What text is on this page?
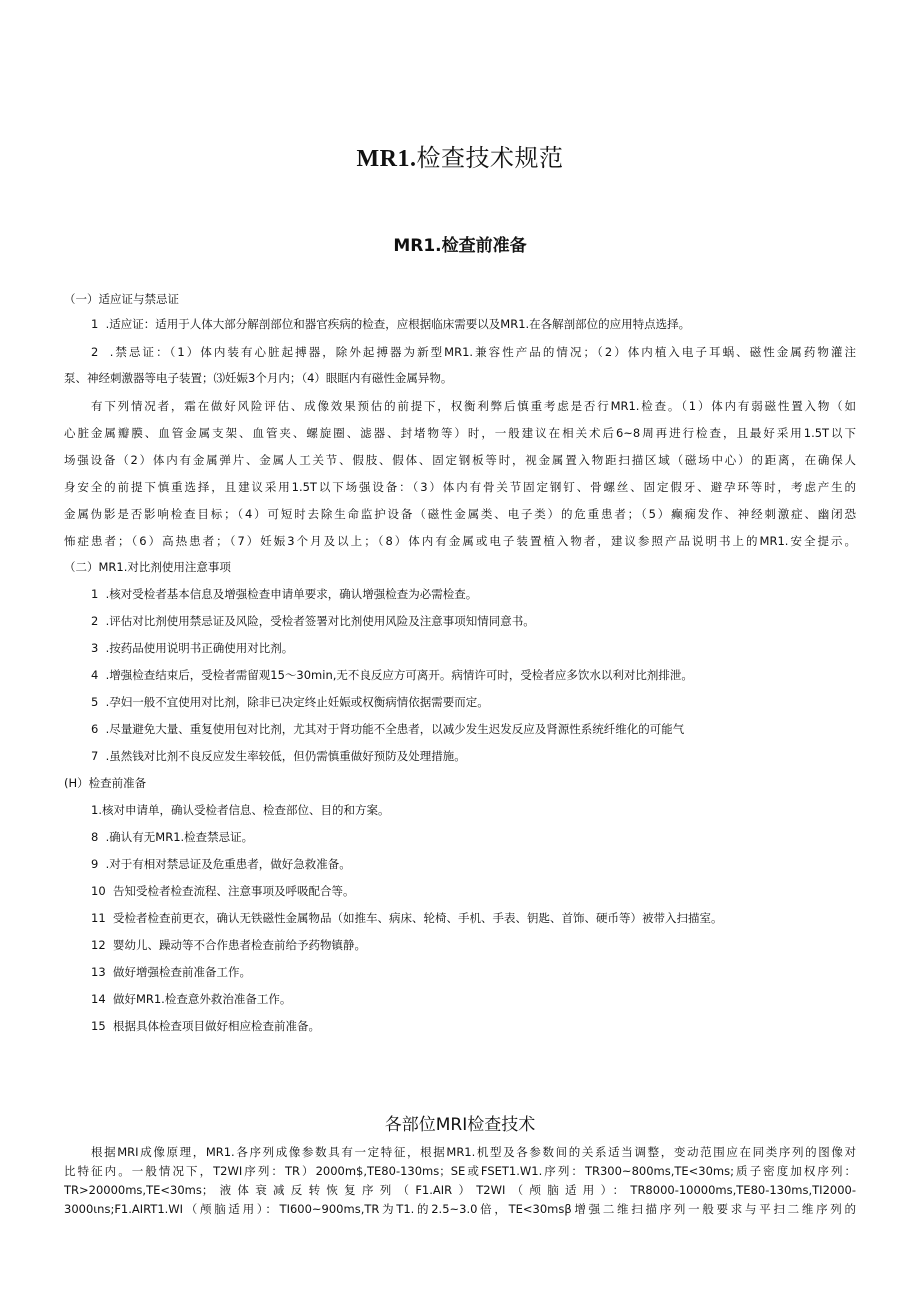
MR1.检查技术规范
MR1.检查前准备
（一）适应证与禁忌证
1  .适应证：适用于人体大部分解剖部位和器官疾病的检查，应根据临床需要以及MR1.在各解剖部位的应用特点选择。
2  .禁忌证：（1）体内装有心脏起搏器，除外起搏器为新型MR1.兼容性产品的情况；（2）体内植入电子耳蜗、磁性金属药物灌注
泵、神经刺激器等电子装置；⑶妊娠3个月内；（4）眼眶内有磁性金属异物。
有下列情况者，霜在做好风险评估、成像效果预估的前提下，权衡利弊后慎重考虑是否行MR1.检查。（1）体内有弱磁性置入物（如
心脏金属瓣膜、血管金属支架、血管夹、螺旋圈、滤器、封堵物等）时，一般建议在相关术后6~8周再进行检查，且最好采用1.5T以下
场强设备（2）体内有金属弹片、金属人工关节、假肢、假体、固定钢板等时，视金属置入物距扫描区域（磁场中心）的距离，在确保人
身安全的前提下慎重选择，且建议采用1.5T以下场强设备：（3）体内有骨关节固定钢钉、骨螺丝、固定假牙、避孕环等时，考虑产生的
金属伪影是否影响检查目标；（4）可短时去除生命监护设备（磁性金属类、电子类）的危重患者；（5）癫痫发作、神经刺激症、幽闭恐
怖症患者；（6）高热患者；（7）妊娠3个月及以上；（8）体内有金属或电子装置植入物者，建议参照产品说明书上的MR1.安全提示。
（二）MR1.对比剂使用注意事项
1  .核对受检者基本信息及增强检查申请单要求，确认增强检查为必需检查。
2  .评估对比剂使用禁忌证及风险，受检者签署对比剂使用风险及注意事项知情同意书。
3  .按药品使用说明书正确使用对比剂。
4  .增强检查结束后，受检者需留观15～30min,无不良反应方可离开。病情许可时，受检者应多饮水以利对比剂排泄。
5  .孕妇一般不宜使用对比剂，除非已决定终止妊娠或权衡病情依据需要而定。
6  .尽量避免大量、重复使用包对比剂，尤其对于肾功能不全患者，以减少发生迟发反应及肾源性系统纤维化的可能气
7  .虽然钱对比剂不良反应发生率较低，但仍需慎重做好预防及处理措施。
(H）检查前准备
1.核对申请单，确认受检者信息、检查部位、目的和方案。
8  .确认有无MR1.检查禁忌证。
9  .对于有相对禁忌证及危重患者，做好急救准备。
10  告知受检者检查流程、注意事项及呼吸配合等。
11  受检者检查前更衣，确认无铁磁性金属物品（如推车、病床、轮椅、手机、手表、钥匙、首饰、硬币等）被带入扫描室。
12  婴幼儿、躁动等不合作患者检查前给予药物镇静。
13  做好增强检查前准备工作。
14  做好MR1.检查意外救治准备工作。
15  根据具体检查项目做好相应检查前准备。
各部位MRI检查技术
根据MRI成像原理，MR1.各序列成像参数具有一定特征，根据MR1.机型及各参数间的关系适当调整，变动范围应在同类序列的图像对
比特征内。一般情况下，T2WI序列：TR）2000m$,TE80-130ms；SE或FSET1.W1.序列：TR300~800ms,TE<30ms;质子密度加权序列：
TR>20000ms,TE<30ms；液体衰减反转恢复序列（F1.AIR）T2WI（颅脑适用）：TR8000-10000ms,TE80-130ms,TI2000-
3000ιns;F1.AIRT1.WI（颅脑适用）：TI600~900ms,TR为T1.的2.5~3.0倍，TE<30msβ增强二维扫描序列一般要求与平扫二维序列的
